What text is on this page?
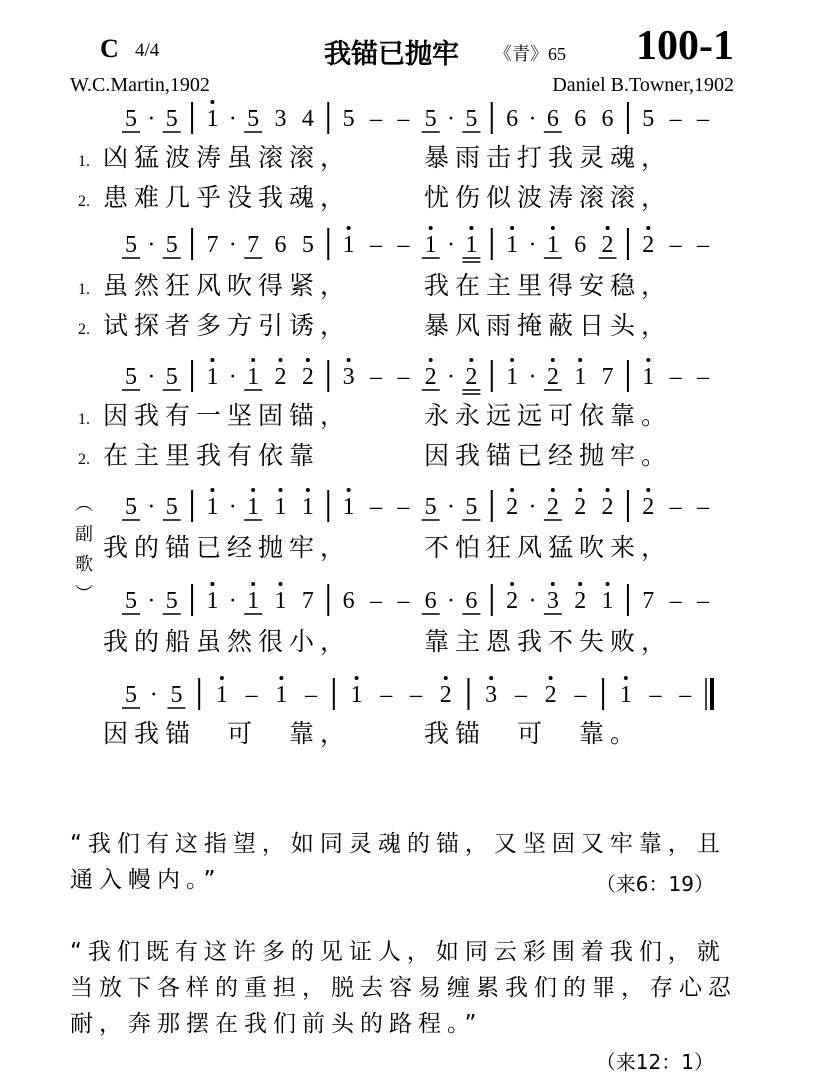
C 4/4	我锚已抛牢 《青》65 100-1
W.C.Martin,1902	Daniel B.Towner,1902
5 · 5 1 · 5 3 4 5 – – 5 · 5 6 · 6 6 6 5 – –
1. 凶猛波涛虽滚滚，	暴雨击打我灵魂，
2. 患难几乎没我魂，	忧伤似波涛滚滚，
5 · 5 7 · 7 6 5 1 – – 1 · 1 1 · 1 6 2 2 – –
1. 虽然狂风吹得紧，	我在主里得安稳，
2. 试探者多方引诱，	暴风雨掩蔽日头，
5 · 5 1 · 1 2 2 3 – – 2 · 2 1 · 2 1 7 1 – –
1. 因我有一坚固锚，	永永远远可依靠。
2. 在主里我有依靠	因我锚已经抛牢。
5 · 5 1 · 1 1 1 1 – – 5 · 5 2 · 2 2 2 2 – –
我的锚已经抛牢，	不怕狂风猛吹来，
5 · 5 1 · 1 1 7 6 – – 6 · 6 2 · 3 2 1 7 – –
我的船虽然很小，	靠主恩我不失败，
5 · 5 1 – 1 – 1 – – 2 3 – 2 – 1 – –
因我锚　可　靠，	我锚　可　靠。
︵
副
歌
︶
“我们有这指望，如同灵魂的锚，又坚固又牢靠，且通入幔内。”	（来6：19）
“我们既有这许多的见证人，如同云彩围着我们，就当放下各样的重担，脱去容易缠累我们的罪，存心忍耐，奔那摆在我们前头的路程。”
（来12：1）
